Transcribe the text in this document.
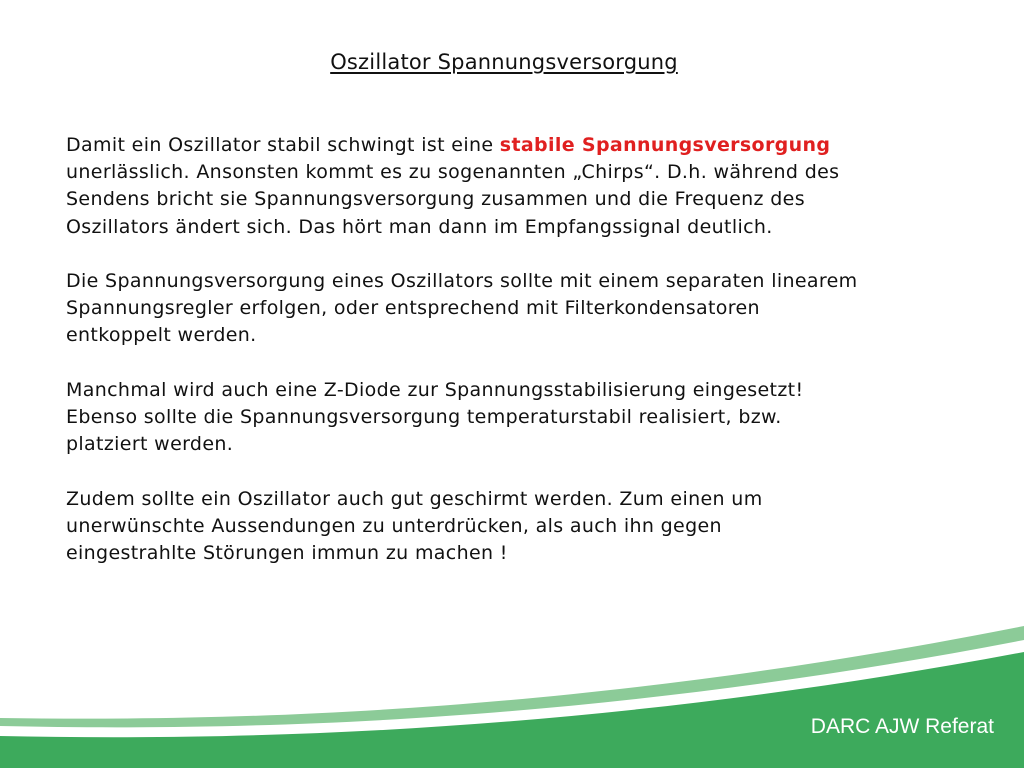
Oszillator Spannungsversorgung
Damit ein Oszillator stabil schwingt ist eine stabile Spannungsversorgung
unerlässlich. Ansonsten kommt es zu sogenannten „Chirps“. D.h. während des
Sendens bricht sie Spannungsversorgung zusammen und die Frequenz des
Oszillators ändert sich. Das hört man dann im Empfangssignal deutlich.
Die Spannungsversorgung eines Oszillators sollte mit einem separaten linearem
Spannungsregler erfolgen, oder entsprechend mit Filterkondensatoren
entkoppelt werden.
Manchmal wird auch eine Z-Diode zur Spannungsstabilisierung eingesetzt!
Ebenso sollte die Spannungsversorgung temperaturstabil realisiert, bzw.
platziert werden.
Zudem sollte ein Oszillator auch gut geschirmt werden. Zum einen um
unerwünschte Aussendungen zu unterdrücken, als auch ihn gegen
eingestrahlte Störungen immun zu machen !
DARC AJW Referat
